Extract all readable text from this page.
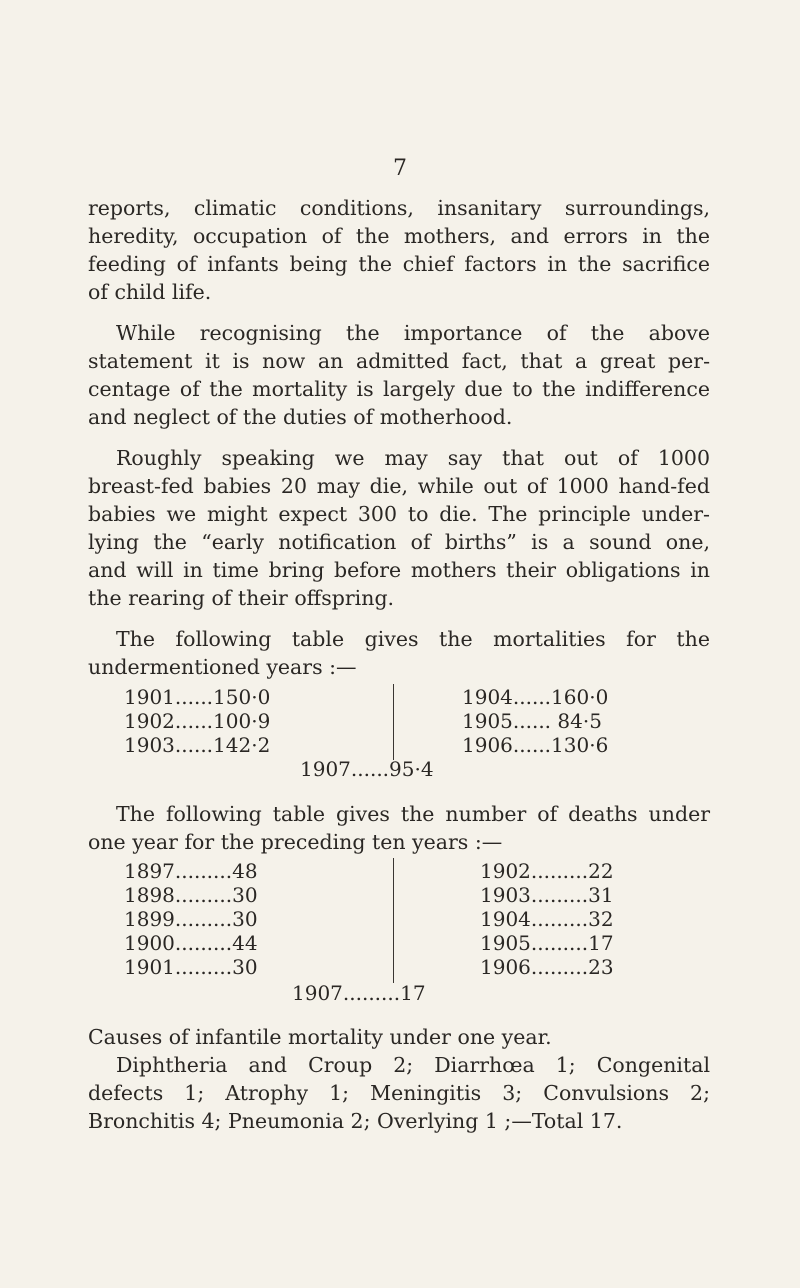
7
reports, climatic conditions, insanitary surroundings,
heredity, occupation of the mothers, and errors in the
feeding of infants being the chief factors in the sacrifice
of child life.
While recognising the importance of the above
statement it is now an admitted fact, that a great per-
centage of the mortality is largely due to the indifference
and neglect of the duties of motherhood.
Roughly speaking we may say that out of 1000
breast-fed babies 20 may die, while out of 1000 hand-fed
babies we might expect 300 to die. The principle under-
lying the “early notification of births” is a sound one,
and will in time bring before mothers their obligations in
the rearing of their offspring.
The following table gives the mortalities for the
undermentioned years :—
1901......150·0
1902......100·9
1903......142·2
1904......160·0
1905...... 84·5
1906......130·6
1907......95·4
The following table gives the number of deaths under
one year for the preceding ten years :—
1897.........48
1898.........30
1899.........30
1900.........44
1901.........30
1902.........22
1903.........31
1904.........32
1905.........17
1906.........23
1907.........17
Causes of infantile mortality under one year.
Diphtheria and Croup 2; Diarrhœa 1; Congenital
defects 1; Atrophy 1; Meningitis 3; Convulsions 2;
Bronchitis 4; Pneumonia 2; Overlying 1 ;—Total 17.
